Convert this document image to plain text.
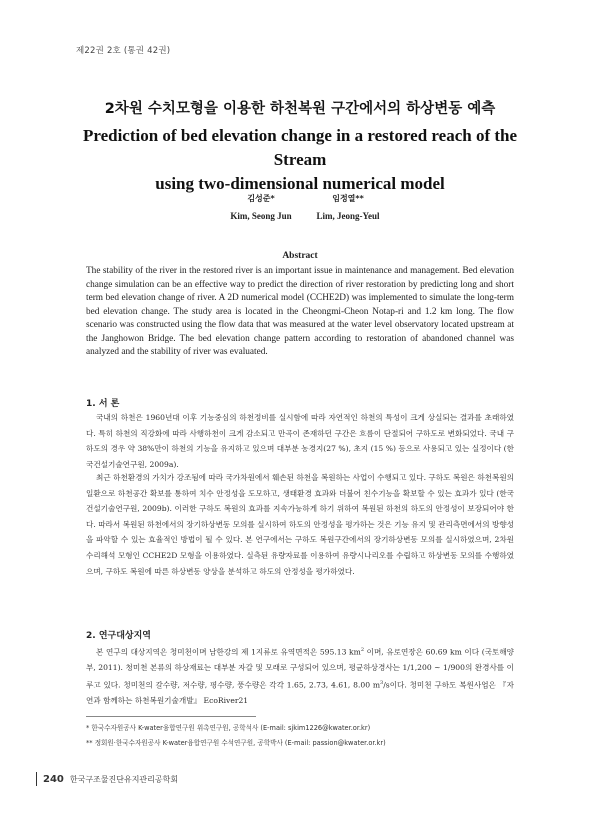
제22권 2호 (통권 42권)
2차원 수치모형을 이용한 하천복원 구간에서의 하상변동 예측
Prediction of bed elevation change in a restored reach of the Stream
using two-dimensional numerical model
김성준*	임정열**
Kim, Seong Jun	Lim, Jeong-Yeul
Abstract
The stability of the river in the restored river is an important issue in maintenance and management. Bed elevation change simulation can be an effective way to predict the direction of river restoration by predicting long and short term bed elevation change of river. A 2D numerical model (CCHE2D) was implemented to simulate the long-term bed elevation change. The study area is located in the Cheongmi-Cheon Notap-ri and 1.2 km long. The flow scenario was constructed using the flow data that was measured at the water level observatory located upstream at the Janghowon Bridge. The bed elevation change pattern according to restoration of abandoned channel was analyzed and the stability of river was evaluated.
1. 서 론
국내의 하천은 1960년대 이후 기능중심의 하천정비를 실시함에 따라 자연적인 하천의 특성이 크게 상실되는 결과를 초래하였다. 특히 하천의 직강화에 따라 사행하천이 크게 감소되고 만곡이 존재하던 구간은 흐름이 단절되어 구하도로 변화되었다. 국내 구하도의 경우 약 38%만이 하천의 기능을 유지하고 있으며 대부분 농경지(27 %), 초지 (15 %) 등으로 사용되고 있는 실정이다 (한국건설기술연구원, 2009a).
최근 하천환경의 가치가 강조됨에 따라 국가차원에서 훼손된 하천을 복원하는 사업이 수행되고 있다. 구하도 복원은 하천복원의 일환으로 하천공간 확보를 통하여 치수 안정성을 도모하고, 생태환경 효과와 더불어 친수기능을 확보할 수 있는 효과가 있다 (한국건설기술연구원, 2009b). 이러한 구하도 복원의 효과를 지속가능하게 하기 위하여 복원된 하천의 하도의 안정성이 보장되어야 한다. 따라서 복원된 하천에서의 장기하상변동 모의를 실시하여 하도의 안정성을 평가하는 것은 기능 유지 및 관리측면에서의 방향성을 파악할 수 있는 효율적인 방법이 될 수 있다. 본 연구에서는 구하도 복원구간에서의 장기하상변동 모의를 실시하였으며, 2차원 수리해석 모형인 CCHE2D 모형을 이용하였다. 실측된 유량자료를 이용하여 유량시나리오를 수립하고 하상변동 모의를 수행하였으며, 구하도 복원에 따른 하상변동 양상을 분석하고 하도의 안정성을 평가하였다.
2. 연구대상지역
본 연구의 대상지역은 청미천이며 남한강의 제 1지류로 유역면적은 595.13 $km^2$ 이며, 유로연장은 60.69 km 이다 (국토해양부, 2011). 청미천 본류의 하상재료는 대부분 자갈 및 모래로 구성되어 있으며, 평균하상경사는 1/1,200 ~ 1/900의 완경사를 이루고 있다. 청미천의 갈수량, 저수량, 평수량, 풍수량은 각각 1.65, 2.73, 4.61, 8.00 $m^3/s$이다. 청미천 구하도 복원사업은 『자연과 함께하는 하천복원기술개발』 EcoRiver21
* 한국수자원공사 K-water융합연구원 위촉연구원, 공학석사 (E-mail: sjkim1226@kwater.or.kr)
** 정회원·한국수자원공사 K-water융합연구원 수석연구원, 공학박사 (E-mail: passion@kwater.or.kr)
240 한국구조물진단유지관리공학회
